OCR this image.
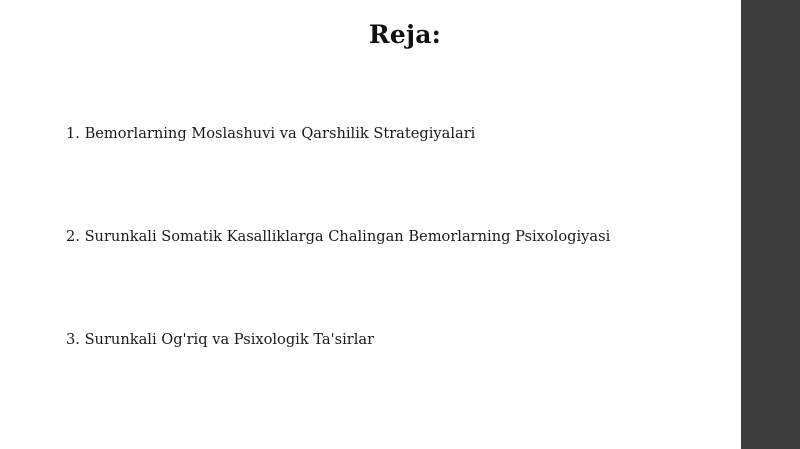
Reja:

1. Bemorlarning Moslashuvi va Qarshilik Strategiyalari

2. Surunkali Somatik Kasalliklarga Chalingan Bemorlarning Psixologiyasi

3. Surunkali Og'riq va Psixologik Ta'sirlar
